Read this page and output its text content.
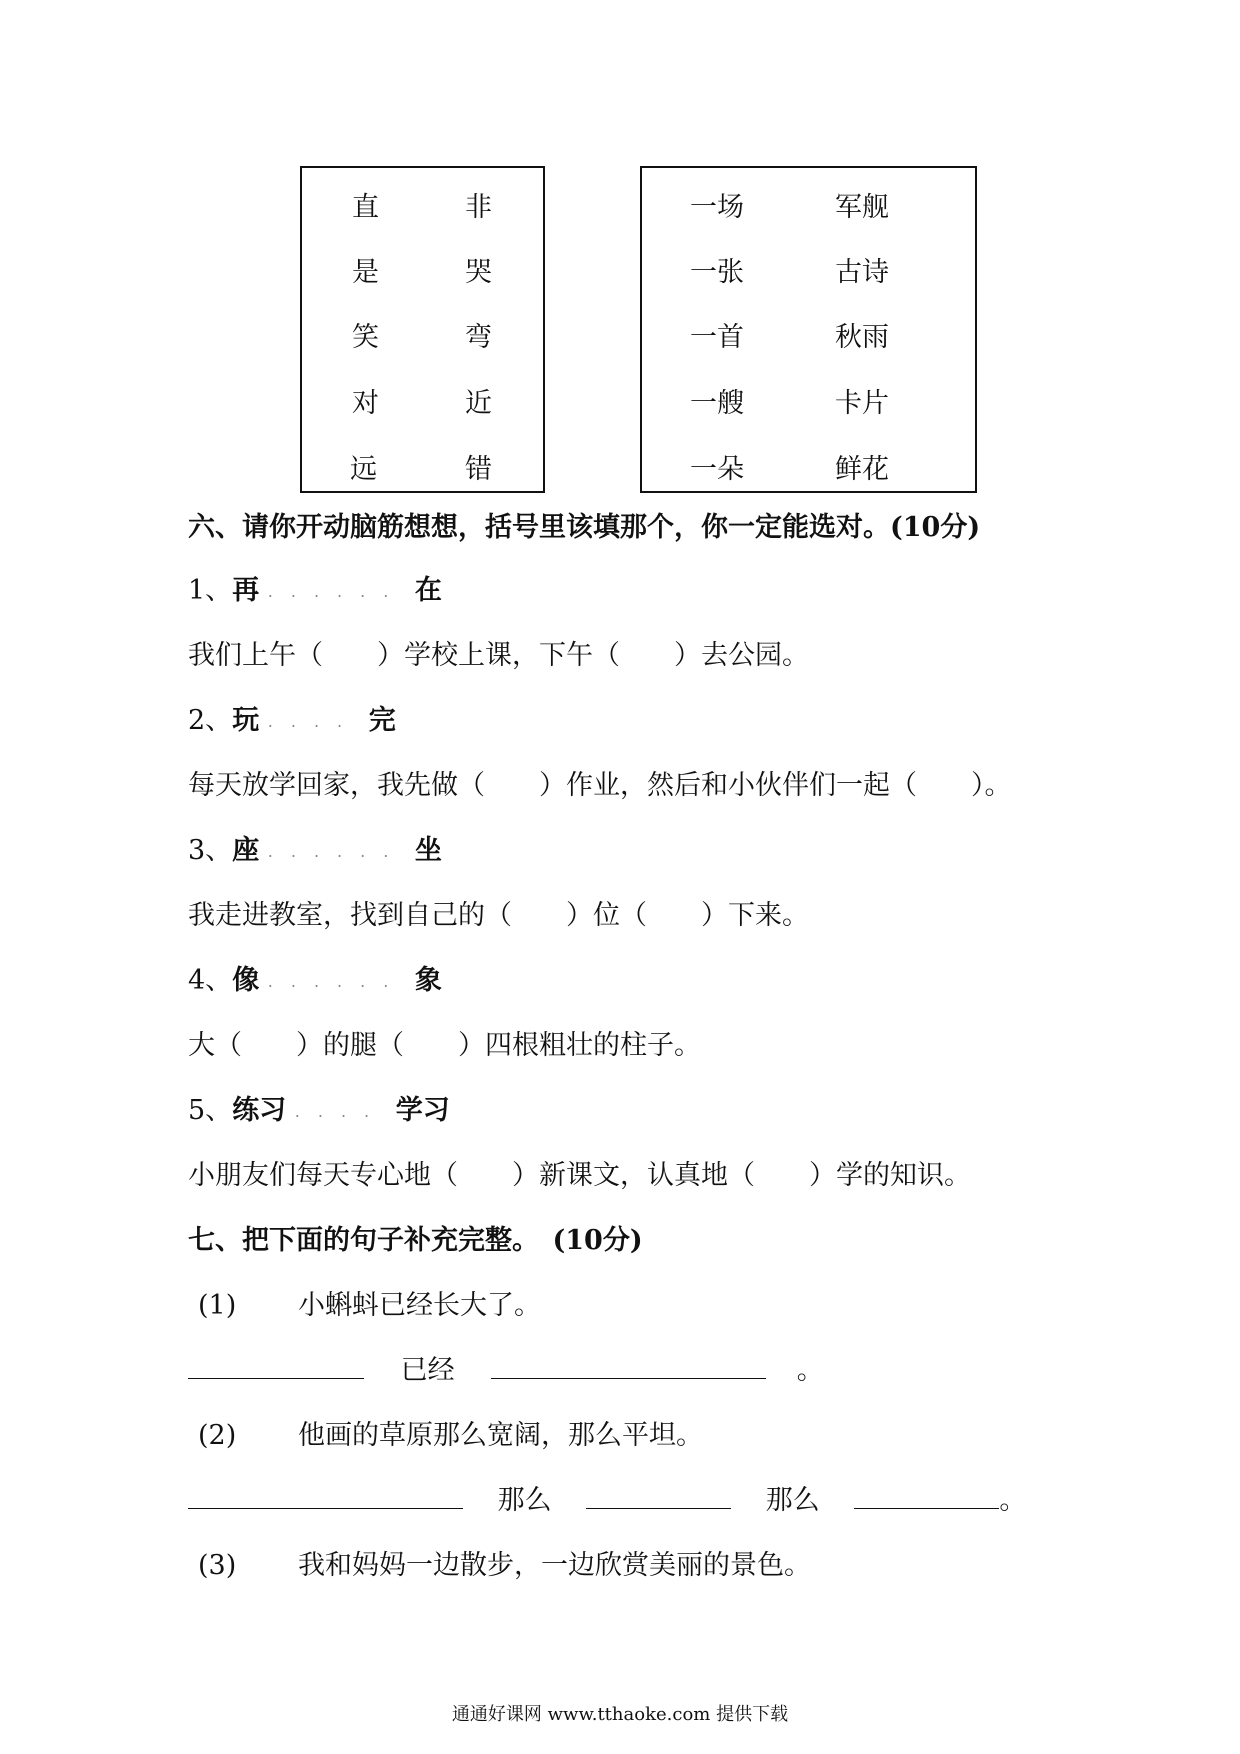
直	非
是	哭
笑	弯
对	近
远	错
一场	军舰
一张	古诗
一首	秋雨
一艘	卡片
一朵	鲜花
六、请你开动脑筋想想，括号里该填那个，你一定能选对。(10分)
1、再 ...... 在
我们上午（　　）学校上课，下午（　　）去公园。
2、玩 .... 完
每天放学回家，我先做（　　）作业，然后和小伙伴们一起（　　）。
3、座 ...... 坐
我走进教室，找到自己的（　　）位（　　）下来。
4、像 ...... 象
大（　　）的腿（　　）四根粗壮的柱子。
5、练习 .... 学习
小朋友们每天专心地（　　）新课文，认真地（　　）学的知识。
七、把下面的句子补充完整。　(10分)
(1) 小蝌蚪已经长大了。
已经	。
(2) 他画的草原那么宽阔，那么平坦。
那么	那么	。
(3) 我和妈妈一边散步，一边欣赏美丽的景色。
通通好课网 www.tthaoke.com 提供下载
